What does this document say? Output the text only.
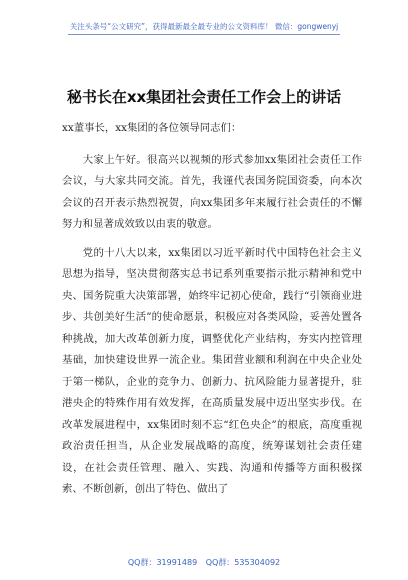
关注头条号“公文研究”，获得最新最全最专业的公文资料库！ 微信：gongwenyj
秘书长在xx集团社会责任工作会上的讲话

xx董事长，xx集团的各位领导同志们：

大家上午好。很高兴以视频的形式参加xx集团社会责任工作会议，与大家共同交流。首先，我谨代表国务院国资委，向本次会议的召开表示热烈祝贺，向xx集团多年来履行社会责任的不懈努力和显著成效致以由衷的敬意。

党的十八大以来，xx集团以习近平新时代中国特色社会主义思想为指导，坚决贯彻落实总书记系列重要指示批示精神和党中央、国务院重大决策部署，始终牢记初心使命，践行“引领商业进步、共创美好生活”的使命愿景，积极应对各类风险，妥善处置各种挑战，加大改革创新力度，调整优化产业结构，夯实内控管理基础，加快建设世界一流企业。集团营业额和利润在中央企业处于第一梯队，企业的竞争力、创新力、抗风险能力显著提升，驻港央企的特殊作用有效发挥，在高质量发展中迈出坚实步伐。在改革发展进程中，xx集团时刻不忘“红色央企”的根底，高度重视政治责任担当，从企业发展战略的高度，统筹谋划社会责任建设，在社会责任管理、融入、实践、沟通和传播等方面积极探索、不断创新，创出了特色、做出了

QQ群：31991489 QQ群：535304092
